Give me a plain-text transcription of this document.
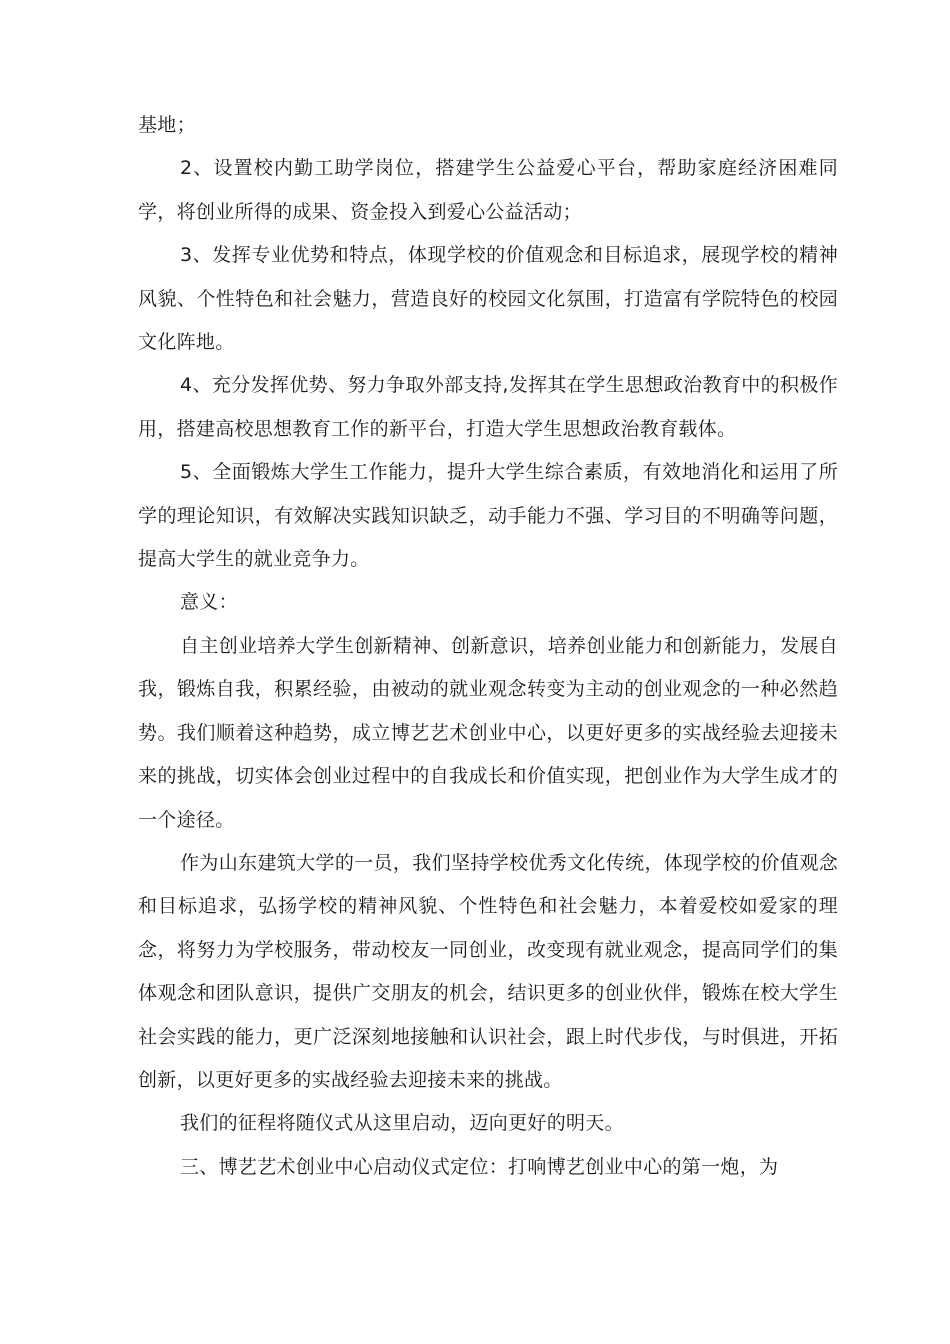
基地；

2、设置校内勤工助学岗位，搭建学生公益爱心平台，帮助家庭经济困难同学，将创业所得的成果、资金投入到爱心公益活动；

3、发挥专业优势和特点，体现学校的价值观念和目标追求，展现学校的精神风貌、个性特色和社会魅力，营造良好的校园文化氛围，打造富有学院特色的校园文化阵地。

4、充分发挥优势、努力争取外部支持,发挥其在学生思想政治教育中的积极作用，搭建高校思想教育工作的新平台，打造大学生思想政治教育载体。

5、全面锻炼大学生工作能力，提升大学生综合素质，有效地消化和运用了所学的理论知识，有效解决实践知识缺乏，动手能力不强、学习目的不明确等问题，提高大学生的就业竞争力。

意义：

自主创业培养大学生创新精神、创新意识，培养创业能力和创新能力，发展自我，锻炼自我，积累经验，由被动的就业观念转变为主动的创业观念的一种必然趋势。我们顺着这种趋势，成立博艺艺术创业中心，以更好更多的实战经验去迎接未来的挑战，切实体会创业过程中的自我成长和价值实现，把创业作为大学生成才的一个途径。

作为山东建筑大学的一员，我们坚持学校优秀文化传统，体现学校的价值观念和目标追求，弘扬学校的精神风貌、个性特色和社会魅力，本着爱校如爱家的理念，将努力为学校服务，带动校友一同创业，改变现有就业观念，提高同学们的集体观念和团队意识，提供广交朋友的机会，结识更多的创业伙伴，锻炼在校大学生社会实践的能力，更广泛深刻地接触和认识社会，跟上时代步伐，与时俱进，开拓创新，以更好更多的实战经验去迎接未来的挑战。

我们的征程将随仪式从这里启动，迈向更好的明天。

三、博艺艺术创业中心启动仪式定位：打响博艺创业中心的第一炮，为
